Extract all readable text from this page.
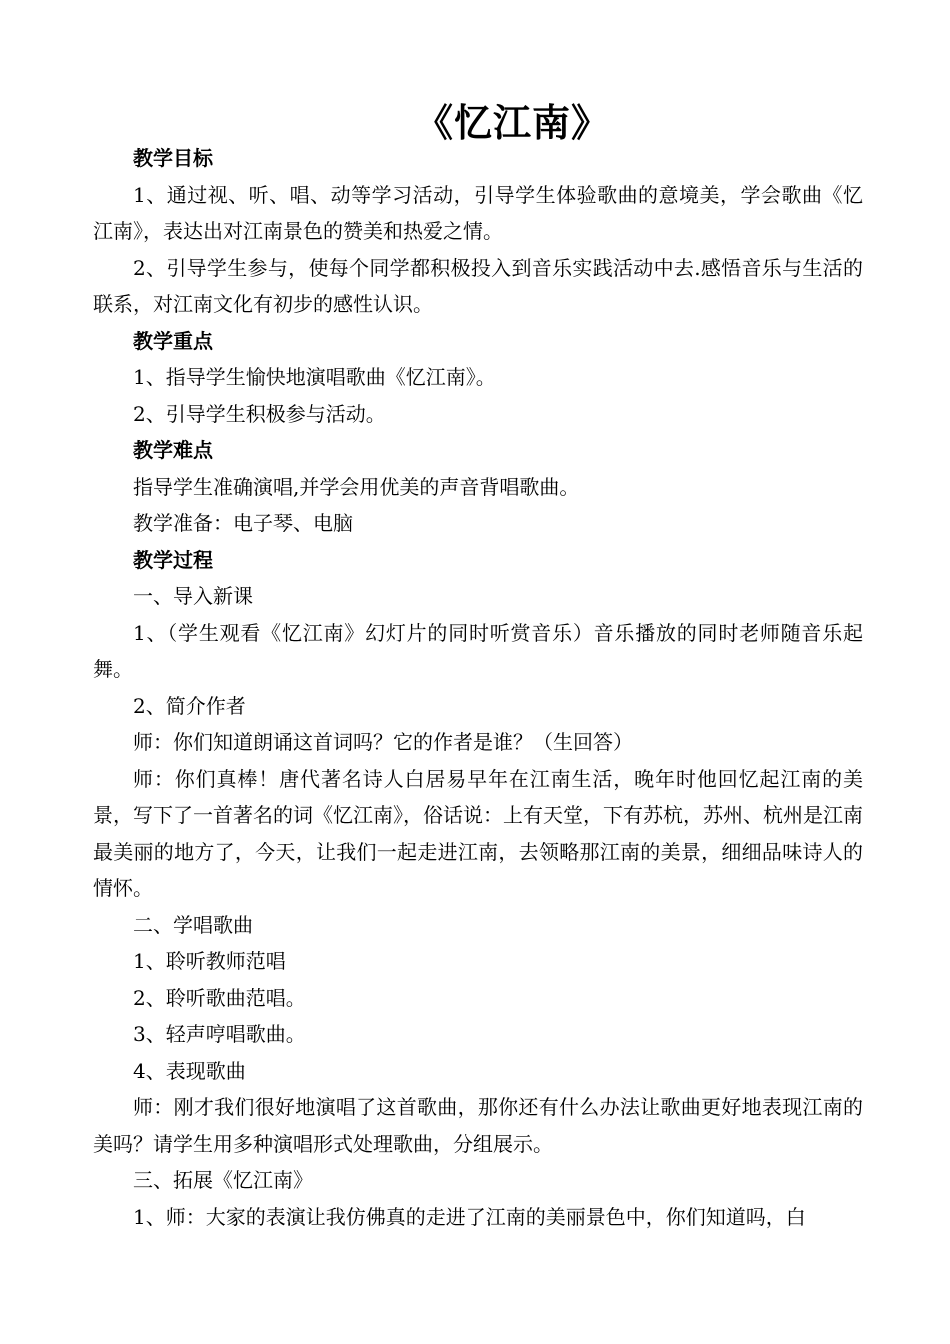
《忆江南》

教学目标

1、通过视、听、唱、动等学习活动，引导学生体验歌曲的意境美，学会歌曲《忆江南》，表达出对江南景色的赞美和热爱之情。

2、引导学生参与，使每个同学都积极投入到音乐实践活动中去.感悟音乐与生活的联系，对江南文化有初步的感性认识。

教学重点

1、指导学生愉快地演唱歌曲《忆江南》。

2、引导学生积极参与活动。

教学难点

指导学生准确演唱,并学会用优美的声音背唱歌曲。

教学准备：电子琴、电脑

教学过程

一、导入新课

1、（学生观看《忆江南》幻灯片的同时听赏音乐）音乐播放的同时老师随音乐起舞。

2、简介作者

师：你们知道朗诵这首词吗？它的作者是谁？（生回答）

师：你们真棒！唐代著名诗人白居易早年在江南生活，晚年时他回忆起江南的美景，写下了一首著名的词《忆江南》，俗话说：上有天堂，下有苏杭，苏州、杭州是江南最美丽的地方了，今天，让我们一起走进江南，去领略那江南的美景，细细品味诗人的情怀。

二、学唱歌曲

1、聆听教师范唱

2、聆听歌曲范唱。

3、轻声哼唱歌曲。

4、表现歌曲

师：刚才我们很好地演唱了这首歌曲，那你还有什么办法让歌曲更好地表现江南的美吗？请学生用多种演唱形式处理歌曲，分组展示。

三、拓展《忆江南》

1、师：大家的表演让我仿佛真的走进了江南的美丽景色中，你们知道吗，白
